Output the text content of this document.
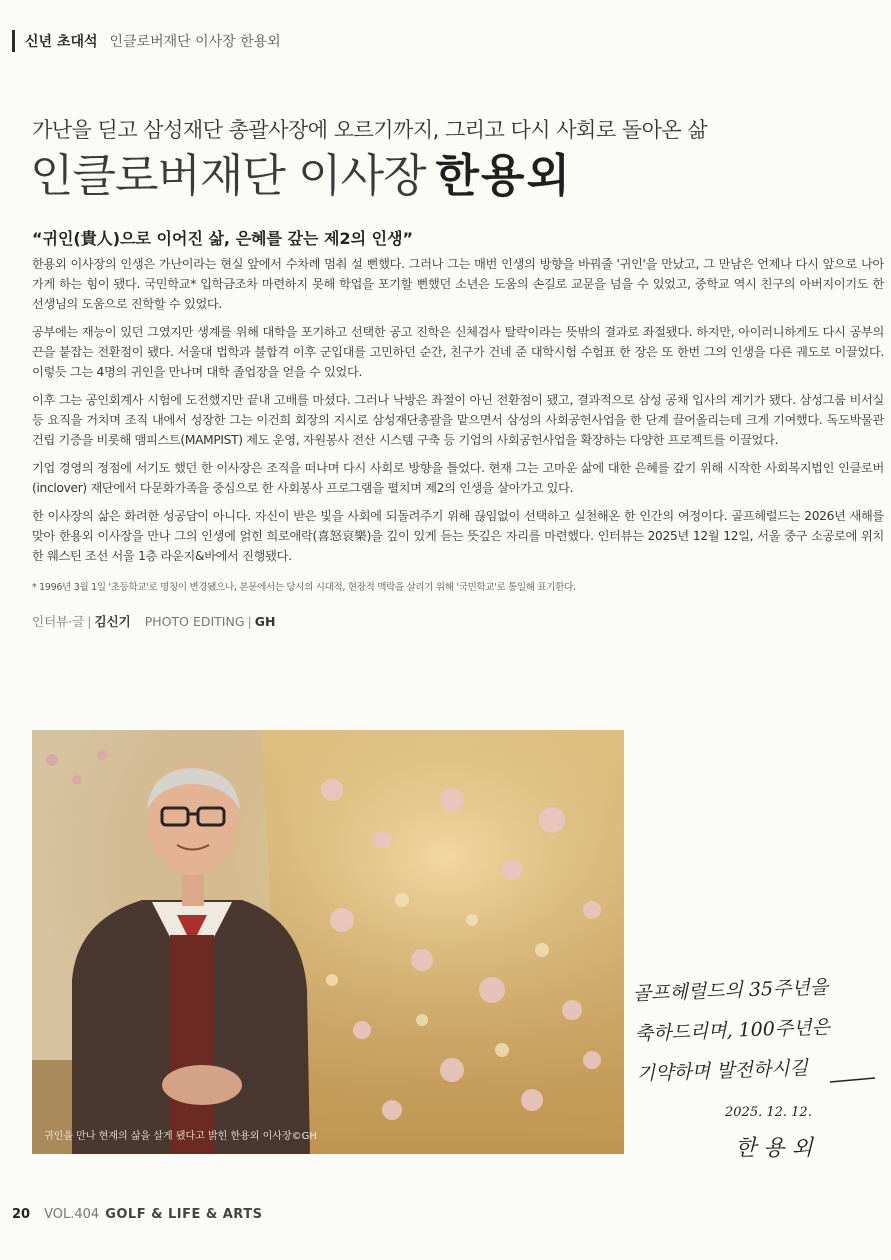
신년 초대석 인클로버재단 이사장 한용외
가난을 딛고 삼성재단 총괄사장에 오르기까지, 그리고 다시 사회로 돌아온 삶
인클로버재단 이사장 한용외
“귀인(貴人)으로 이어진 삶, 은혜를 갚는 제2의 인생”

한용외 이사장의 인생은 가난이라는 현실 앞에서 수차례 멈춰 설 뻔했다. 그러나 그는 매번 인생의 방향을 바꿔줄 '귀인'을 만났고, 그 만남은 언제나 다시 앞으로 나아가게 하는 힘이 됐다. 국민학교* 입학금조차 마련하지 못해 학업을 포기할 뻔했던 소년은 도움의 손길로 교문을 넘을 수 있었고, 중학교 역시 친구의 아버지이기도 한 선생님의 도움으로 진학할 수 있었다.

공부에는 재능이 있던 그였지만 생계를 위해 대학을 포기하고 선택한 공고 진학은 신체검사 탈락이라는 뜻밖의 결과로 좌절됐다. 하지만, 아이러니하게도 다시 공부의 끈을 붙잡는 전환점이 됐다. 서울대 법학과 불합격 이후 군입대를 고민하던 순간, 친구가 건네 준 대학시험 수험표 한 장은 또 한번 그의 인생을 다른 궤도로 이끌었다. 이렇듯 그는 4명의 귀인을 만나며 대학 졸업장을 얻을 수 있었다.

이후 그는 공인회계사 시험에 도전했지만 끝내 고배를 마셨다. 그러나 낙방은 좌절이 아닌 전환점이 됐고, 결과적으로 삼성 공채 입사의 계기가 됐다. 삼성그룹 비서실 등 요직을 거치며 조직 내에서 성장한 그는 이건희 회장의 지시로 삼성재단총괄을 맡으면서 삼성의 사회공헌사업을 한 단계 끌어올리는데 크게 기여했다. 독도박물관 건립 기증을 비롯해 맴피스트(MAMPIST) 제도 운영, 자원봉사 전산 시스템 구축 등 기업의 사회공헌사업을 확장하는 다양한 프로젝트를 이끌었다.

기업 경영의 정점에 서기도 했던 한 이사장은 조직을 떠나며 다시 사회로 방향을 틀었다. 현재 그는 고마운 삶에 대한 은혜를 갚기 위해 시작한 사회복지법인 인클로버(inclover) 재단에서 다문화가족을 중심으로 한 사회봉사 프로그램을 펼치며 제2의 인생을 살아가고 있다.

한 이사장의 삶은 화려한 성공담이 아니다. 자신이 받은 빛을 사회에 되돌려주기 위해 끊임없이 선택하고 실천해온 한 인간의 여정이다. 골프헤럴드는 2026년 새해를 맞아 한용외 이사장을 만나 그의 인생에 얽힌 희로애락(喜怒哀樂)을 깊이 있게 듣는 뜻깊은 자리를 마련했다. 인터뷰는 2025년 12월 12일, 서울 중구 소공로에 위치한 웨스틴 조선 서울 1층 라운지&바에서 진행됐다.

* 1996년 3월 1일 '초등학교'로 명칭이 변경됐으나, 본문에서는 당시의 시대적, 현장적 맥락을 살리기 위해 '국민학교'로 통일해 표기한다.
인터뷰·글 | 김신기 PHOTO EDITING | GH
귀인을 만나 현재의 삶을 살게 됐다고 밝힌 한용외 이사장©GH
골프헤럴드의 35주년을
축하드리며, 100주년은
기약하며 발전하시길
2025. 12. 12.
한 용 외
20 VOL.404 GOLF & LIFE & ARTS
